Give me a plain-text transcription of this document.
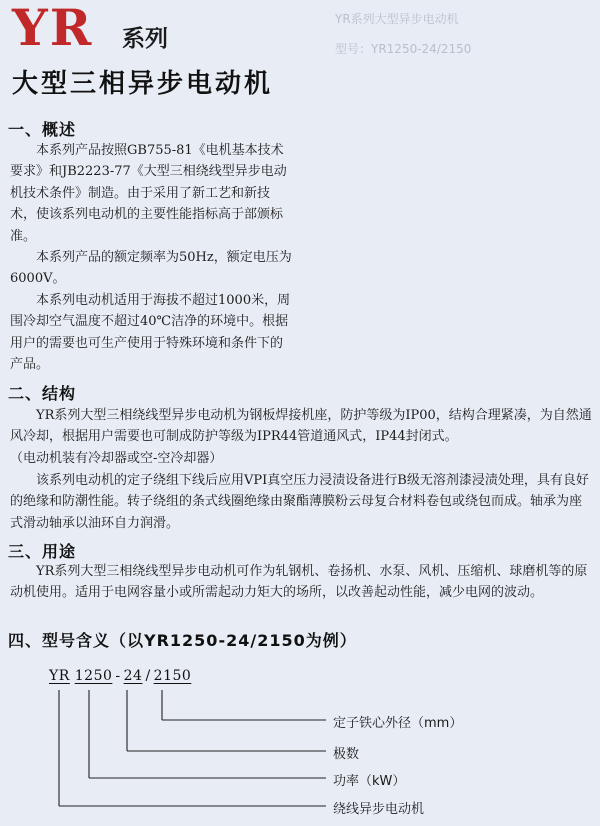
YR系列大型异步电动机
型号：YR1250-24/2150
YR 系列
大型三相异步电动机
一、概述

本系列产品按照GB755-81《电机基本技术要求》和JB2223-77《大型三相绕线型异步电动机技术条件》制造。由于采用了新工艺和新技术，使该系列电动机的主要性能指标高于部颁标准。

本系列产品的额定频率为50Hz，额定电压为6000V。

本系列电动机适用于海拔不超过1000米，周围冷却空气温度不超过40℃洁净的环境中。根据用户的需要也可生产使用于特殊环境和条件下的产品。

二、结构

YR系列大型三相绕线型异步电动机为钢板焊接机座，防护等级为IP00，结构合理紧凑，为自然通风冷却，根据用户需要也可制成防护等级为IPR44管道通风式，IP44封闭式。

（电动机装有冷却器或空-空冷却器）

该系列电动机的定子绕组下线后应用VPI真空压力浸渍设备进行B级无溶剂漆浸渍处理，具有良好的绝缘和防潮性能。转子绕组的条式线圈绝缘由聚酯薄膜粉云母复合材料卷包或绕包而成。轴承为座式滑动轴承以油环自力润滑。

三、用途

YR系列大型三相绕线型异步电动机可作为轧钢机、卷扬机、水泵、风机、压缩机、球磨机等的原动机使用。适用于电网容量小或所需起动力矩大的场所，以改善起动性能，减少电网的波动。

四、型号含义（以YR1250-24/2150为例）
YR 1250 - 24 / 2150
定子铁心外径（mm）
极数
功率（kW）
绕线异步电动机
